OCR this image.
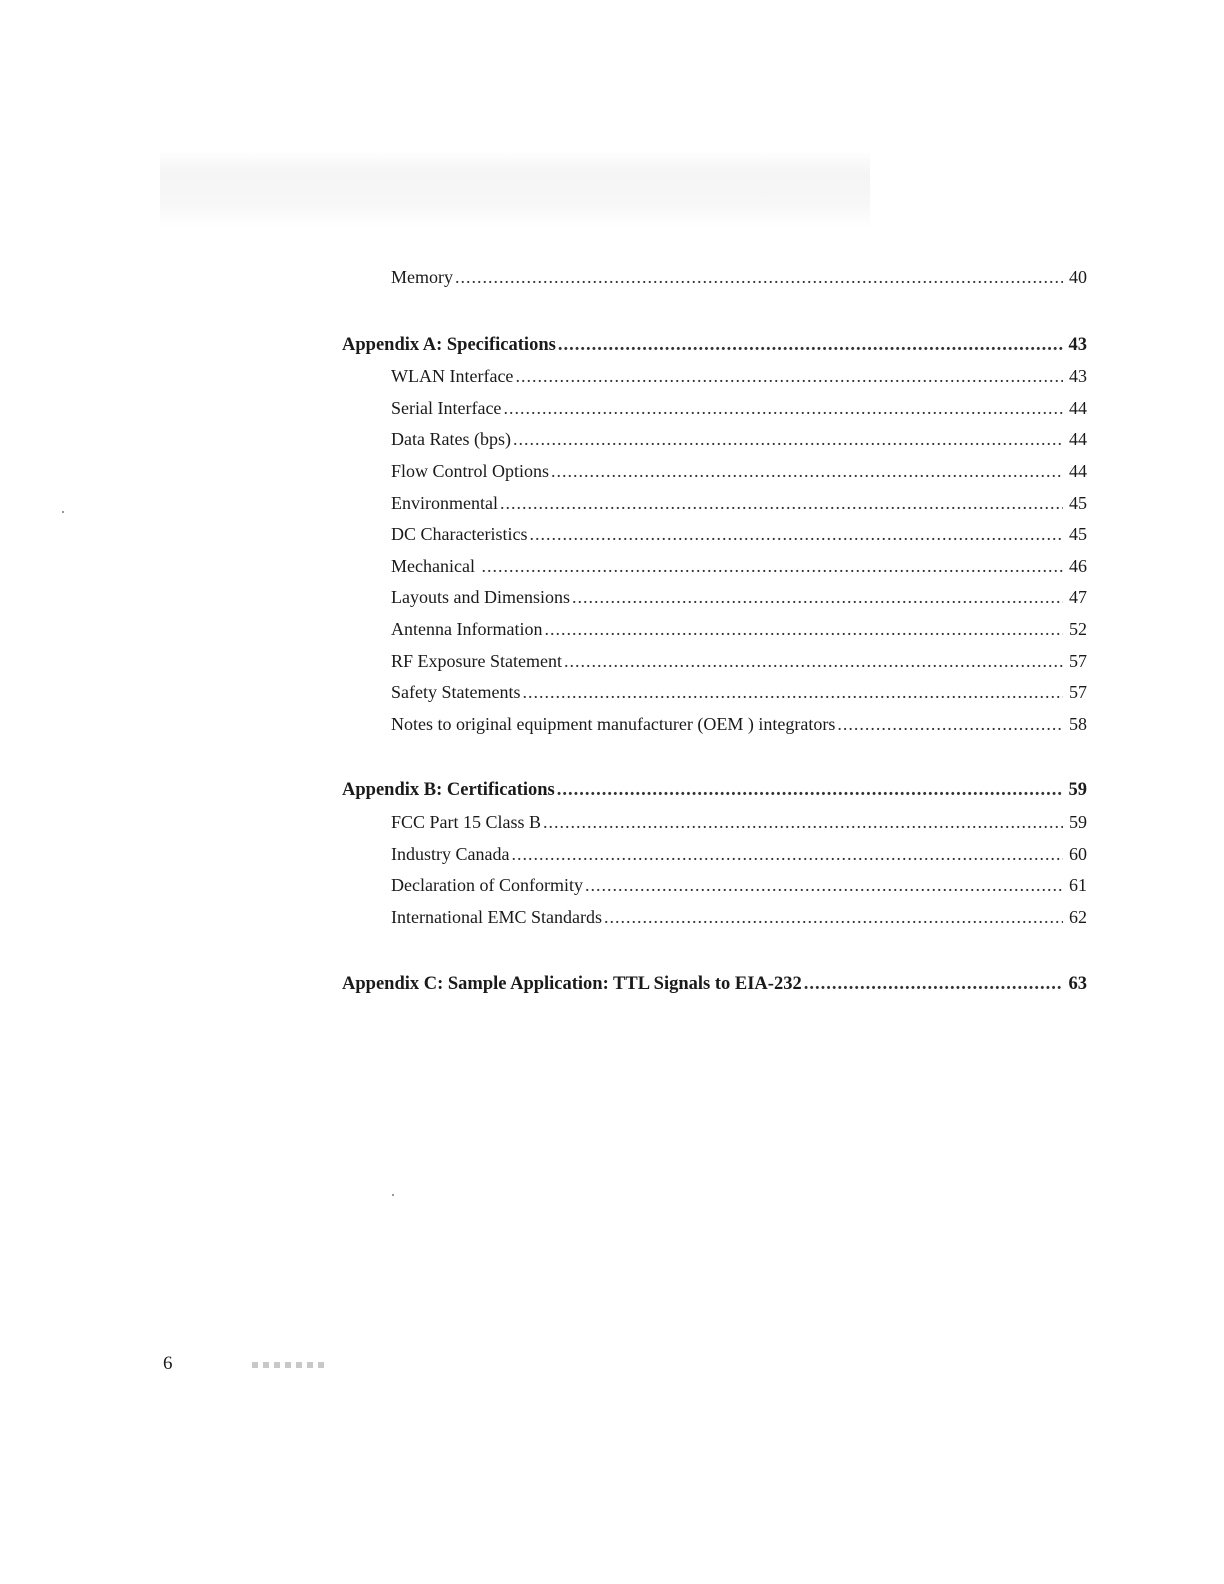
Memory .....	40
Appendix A: Specifications .....	43
WLAN Interface .....	43
Serial Interface .....	44
Data Rates (bps) .....	44
Flow Control Options .....	44
Environmental .....	45
DC Characteristics .....	45
Mechanical .....	46
Layouts and Dimensions .....	47
Antenna Information .....	52
RF Exposure Statement .....	57
Safety Statements .....	57
Notes to original equipment manufacturer (OEM ) integrators .....	58
Appendix B: Certifications .....	59
FCC Part 15 Class B .....	59
Industry Canada .....	60
Declaration of Conformity .....	61
International EMC Standards .....	62
Appendix C: Sample Application: TTL Signals to EIA-232 .....	63
6
